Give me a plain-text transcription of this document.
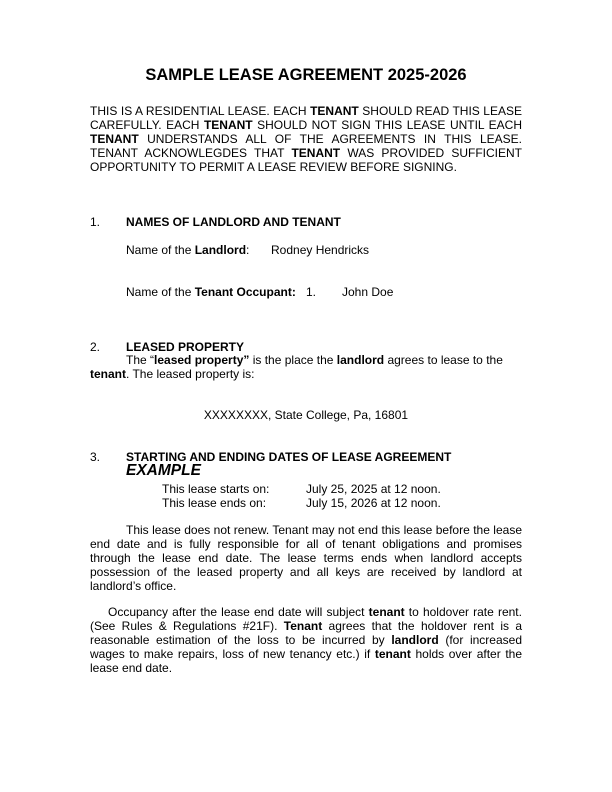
SAMPLE LEASE AGREEMENT 2025-2026
THIS IS A RESIDENTIAL LEASE. EACH TENANT SHOULD READ THIS LEASE CAREFULLY. EACH TENANT SHOULD NOT SIGN THIS LEASE UNTIL EACH TENANT UNDERSTANDS ALL OF THE AGREEMENTS IN THIS LEASE. TENANT ACKNOWLEGDES THAT TENANT WAS PROVIDED SUFFICIENT OPPORTUNITY TO PERMIT A LEASE REVIEW BEFORE SIGNING.
1. NAMES OF LANDLORD AND TENANT
Name of the Landlord: Rodney Hendricks
Name of the Tenant Occupant: 1. John Doe
2. LEASED PROPERTY
The “leased property” is the place the landlord agrees to lease to the
tenant. The leased property is:
XXXXXXXX, State College, Pa, 16801
3. STARTING AND ENDING DATES OF LEASE AGREEMENT
EXAMPLE
This lease starts on:	July 25, 2025 at 12 noon.
This lease ends on:	July 15, 2026 at 12 noon.
This lease does not renew. Tenant may not end this lease before the lease end date and is fully responsible for all of tenant obligations and promises through the lease end date. The lease terms ends when landlord accepts possession of the leased property and all keys are received by landlord at landlord’s office.
Occupancy after the lease end date will subject tenant to holdover rate rent. (See Rules & Regulations #21F). Tenant agrees that the holdover rent is a reasonable estimation of the loss to be incurred by landlord (for increased wages to make repairs, loss of new tenancy etc.) if tenant holds over after the lease end date.
